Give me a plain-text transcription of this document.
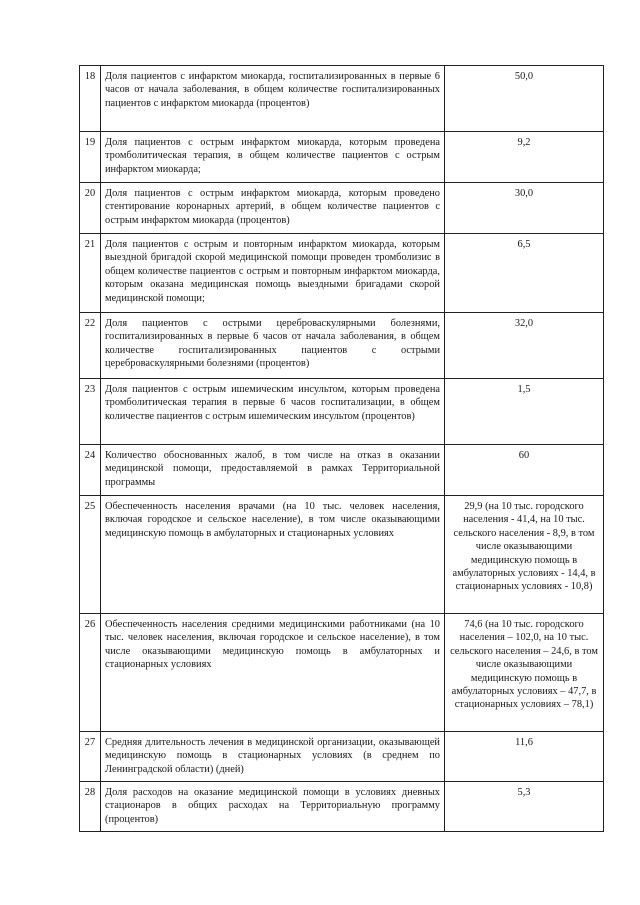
18	Доля пациентов с инфарктом миокарда, госпитализированных в первые 6 часов от начала заболевания, в общем количестве госпитализированных пациентов с инфарктом миокарда (процентов)	50,0
19	Доля пациентов с острым инфарктом миокарда, которым проведена тромболитическая терапия, в общем количестве пациентов с острым инфарктом миокарда;	9,2
20	Доля пациентов с острым инфарктом миокарда, которым проведено стентирование коронарных артерий, в общем количестве пациентов с острым инфарктом миокарда (процентов)	30,0
21	Доля пациентов с острым и повторным инфарктом миокарда, которым выездной бригадой скорой медицинской помощи проведен тромболизис в общем количестве пациентов с острым и повторным инфарктом миокарда, которым оказана медицинская помощь выездными бригадами скорой медицинской помощи;	6,5
22	Доля пациентов с острыми цереброваскулярными болезнями, госпитализированных в первые 6 часов от начала заболевания, в общем количестве госпитализированных пациентов с острыми цереброваскулярными болезнями (процентов)	32,0
23	Доля пациентов с острым ишемическим инсультом, которым проведена тромболитическая терапия в первые 6 часов госпитализации, в общем количестве пациентов с острым ишемическим инсультом (процентов)	1,5
24	Количество обоснованных жалоб, в том числе на отказ в оказании медицинской помощи, предоставляемой в рамках Территориальной программы	60
25	Обеспеченность населения врачами (на 10 тыс. человек населения, включая городское и сельское население), в том числе оказывающими медицинскую помощь в амбулаторных и стационарных условиях	29,9 (на 10 тыс. городского населения - 41,4, на 10 тыс. сельского населения - 8,9, в том числе оказывающими медицинскую помощь в амбулаторных условиях - 14,4, в стационарных условиях - 10,8)
26	Обеспеченность населения средними медицинскими работниками (на 10 тыс. человек населения, включая городское и сельское население), в том числе оказывающими медицинскую помощь в амбулаторных и стационарных условиях	74,6 (на 10 тыс. городского населения – 102,0, на 10 тыс. сельского населения – 24,6, в том числе оказывающими медицинскую помощь в амбулаторных условиях – 47,7, в стационарных условиях – 78,1)
27	Средняя длительность лечения в медицинской организации, оказывающей медицинскую помощь в стационарных условиях (в среднем по Ленинградской области) (дней)	11,6
28	Доля расходов на оказание медицинской помощи в условиях дневных стационаров в общих расходах на Территориальную программу (процентов)	5,3
